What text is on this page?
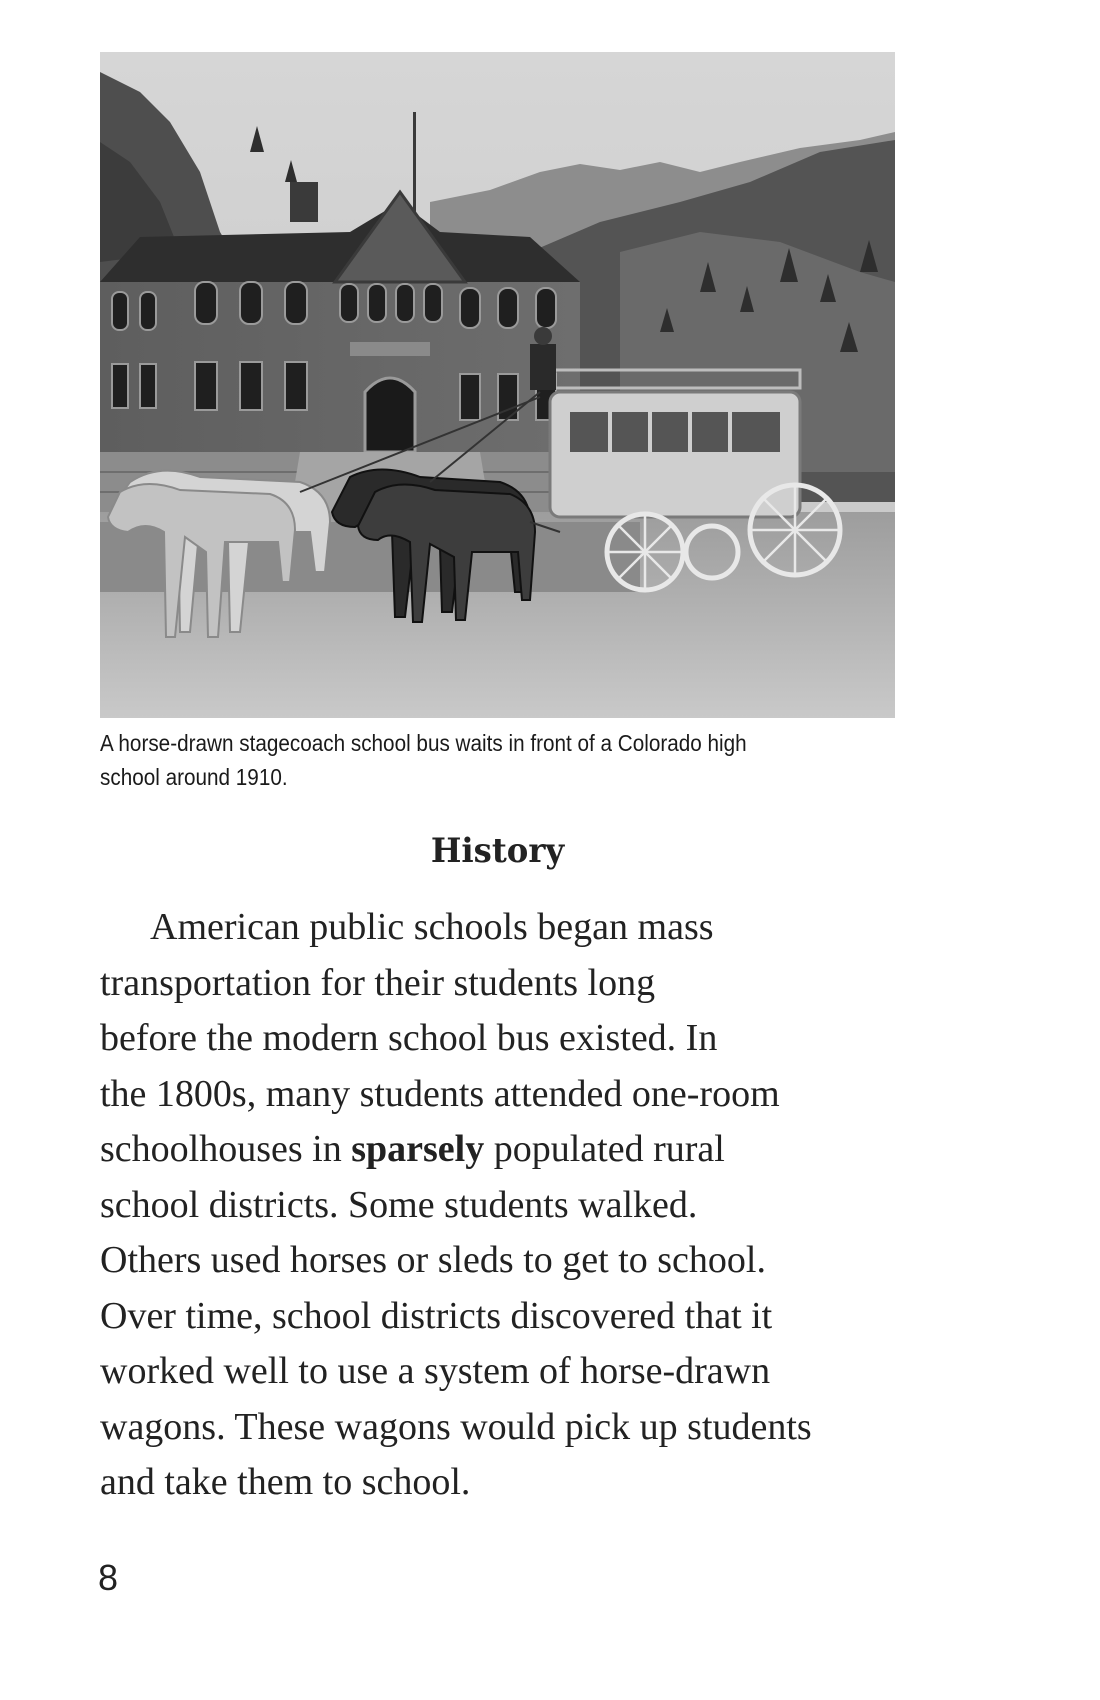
A horse-drawn stagecoach school bus waits in front of a Colorado high
school around 1910.

History
American public schools began mass
transportation for their students long
before the modern school bus existed. In
the 1800s, many students attended one-room
schoolhouses in sparsely populated rural
school districts. Some students walked.
Others used horses or sleds to get to school.
Over time, school districts discovered that it
worked well to use a system of horse-drawn
wagons. These wagons would pick up students
and take them to school.

8
